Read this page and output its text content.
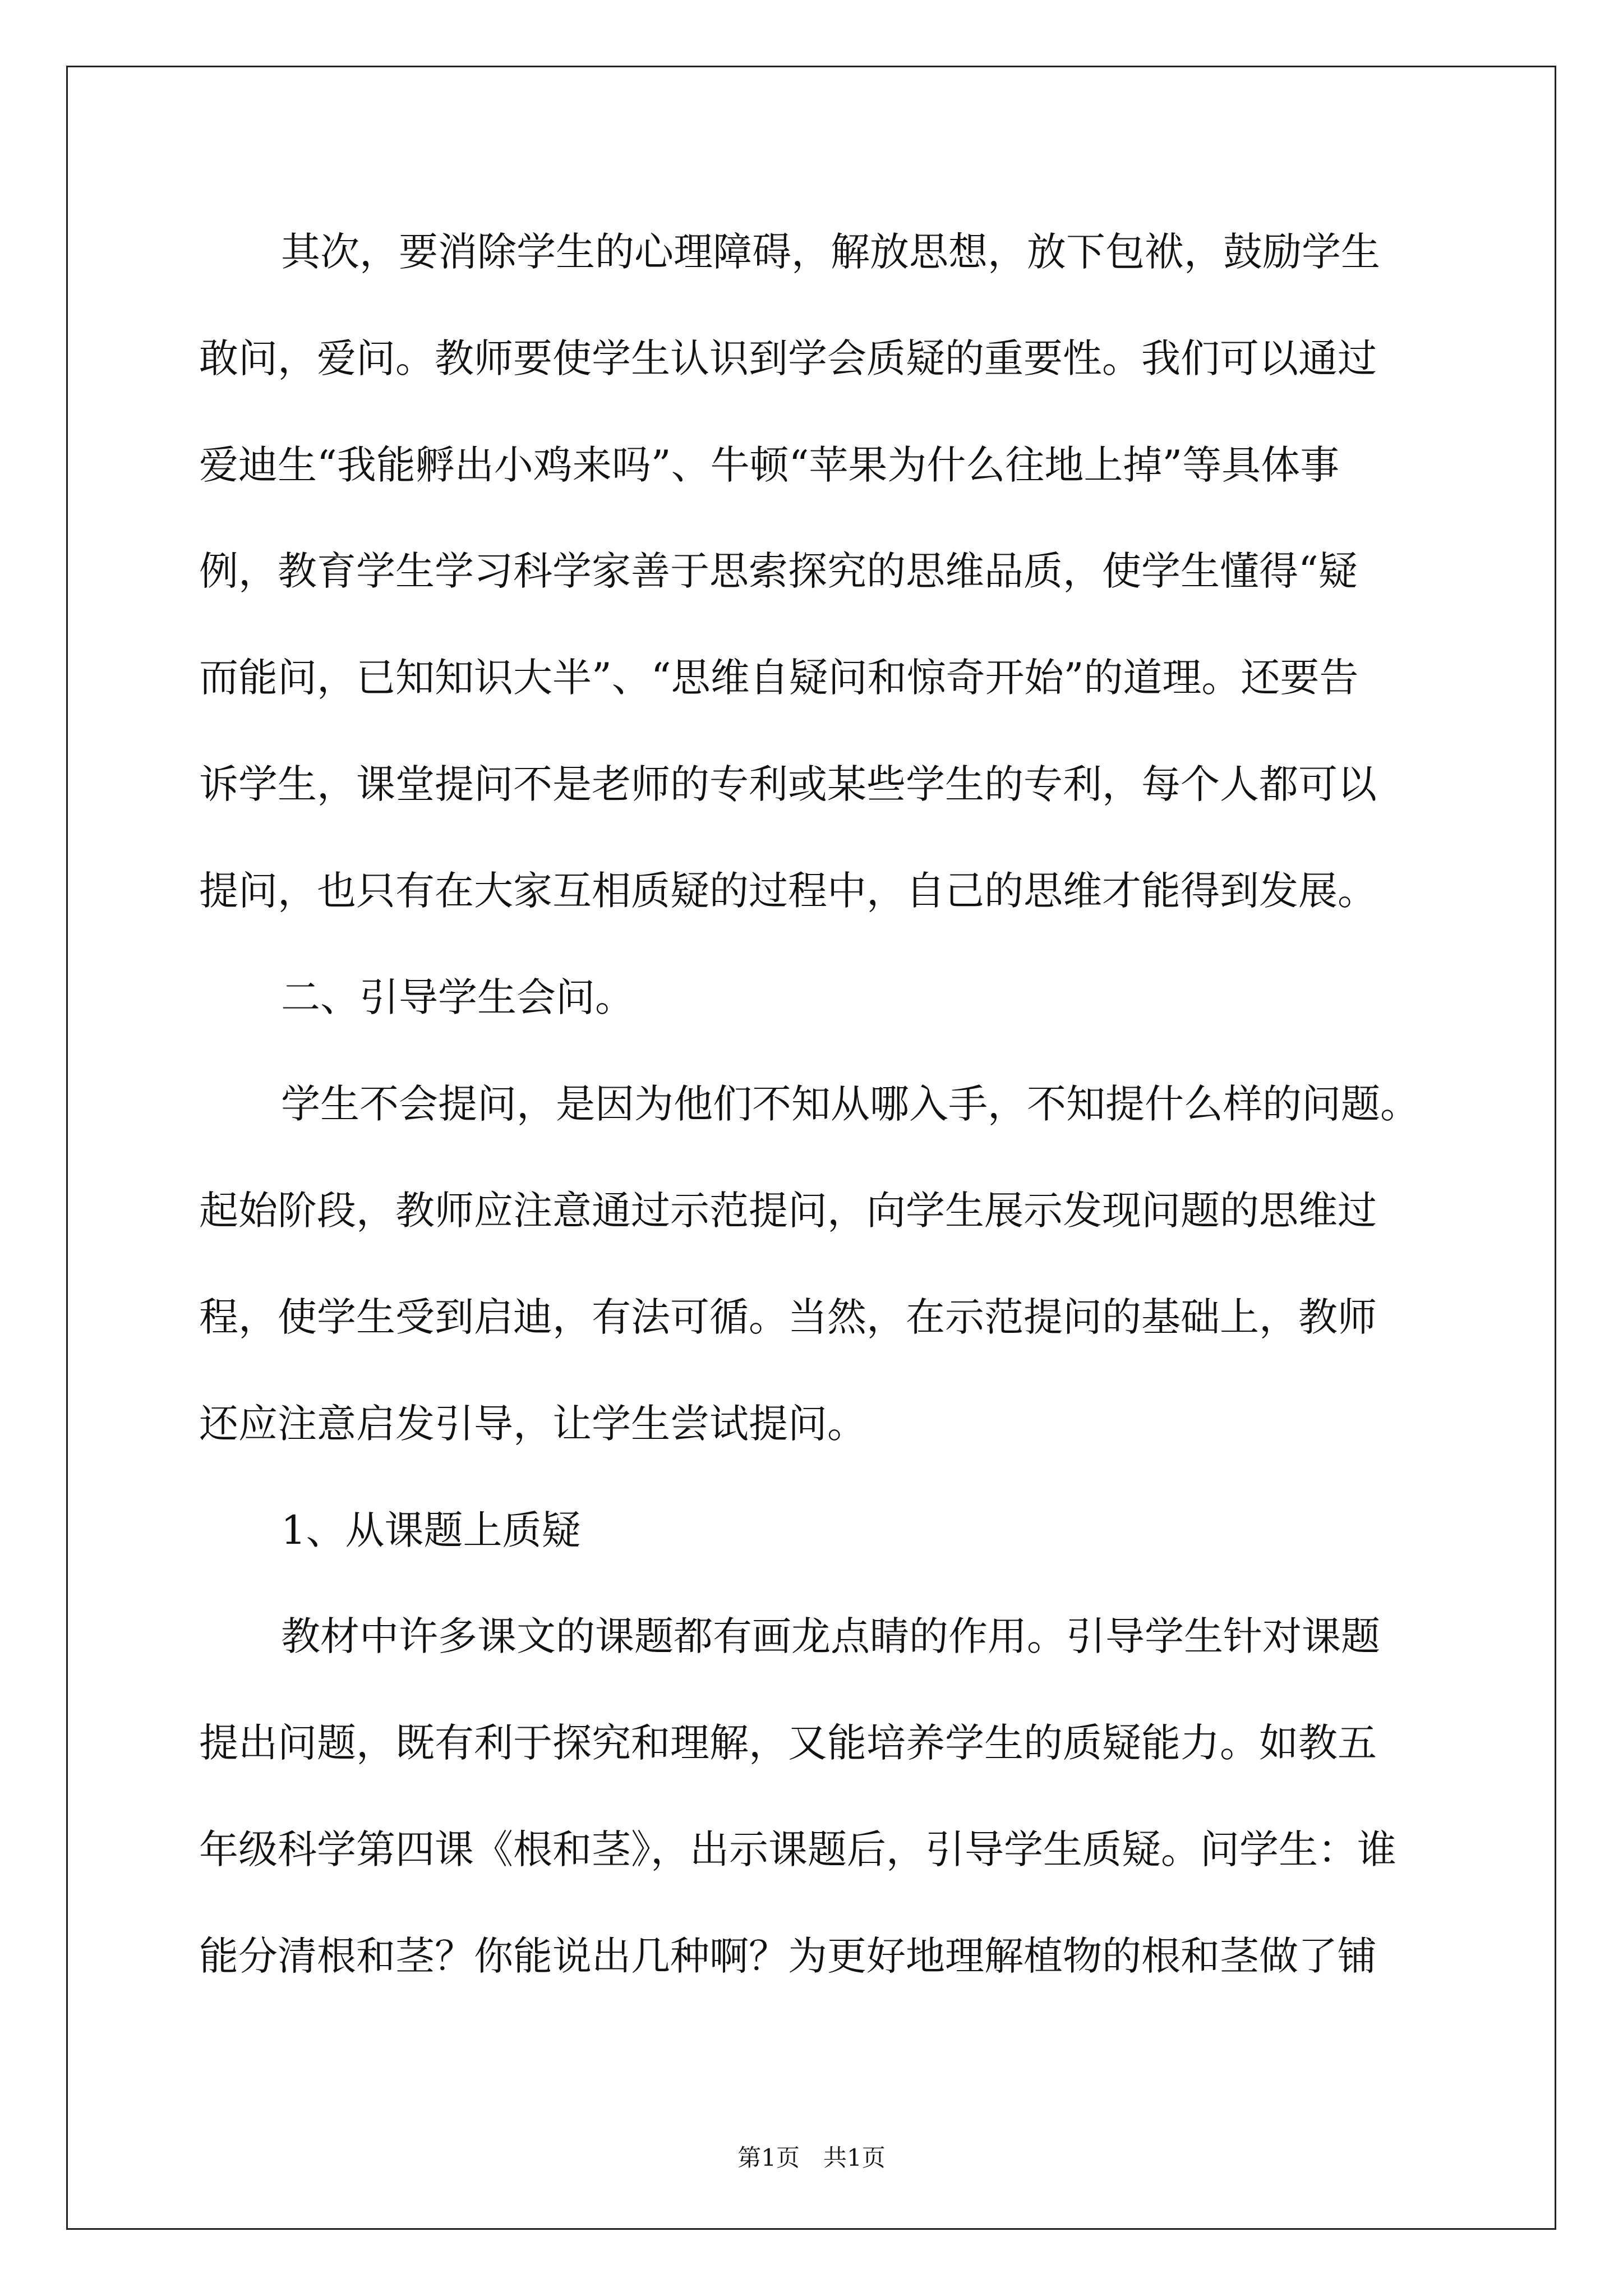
其次，要消除学生的心理障碍，解放思想，放下包袱，鼓励学生
敢问，爱问。教师要使学生认识到学会质疑的重要性。我们可以通过
爱迪生“我能孵出小鸡来吗”、牛顿“苹果为什么往地上掉”等具体事
例，教育学生学习科学家善于思索探究的思维品质，使学生懂得“疑
而能问，已知知识大半”、“思维自疑问和惊奇开始”的道理。还要告
诉学生，课堂提问不是老师的专利或某些学生的专利，每个人都可以
提问，也只有在大家互相质疑的过程中，自己的思维才能得到发展。
二、引导学生会问。
学生不会提问，是因为他们不知从哪入手，不知提什么样的问题。
起始阶段，教师应注意通过示范提问，向学生展示发现问题的思维过
程，使学生受到启迪，有法可循。当然，在示范提问的基础上，教师
还应注意启发引导，让学生尝试提问。
1、从课题上质疑
教材中许多课文的课题都有画龙点睛的作用。引导学生针对课题
提出问题，既有利于探究和理解，又能培养学生的质疑能力。如教五
年级科学第四课《根和茎》，出示课题后，引导学生质疑。问学生：谁
能分清根和茎？你能说出几种啊？为更好地理解植物的根和茎做了铺
第1页 共1页
